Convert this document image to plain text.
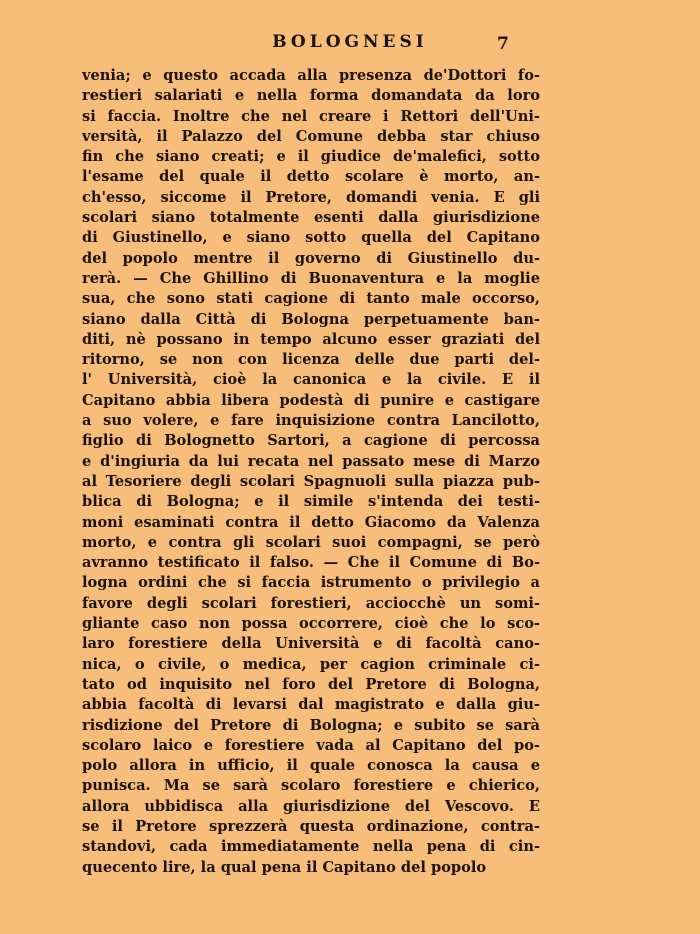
BOLOGNESI	7
venia; e questo accada alla presenza de'Dottori fo-
restieri salariati e nella forma domandata da loro
si faccia. Inoltre che nel creare i Rettori dell'Uni-
versità, il Palazzo del Comune debba star chiuso
fin che siano creati; e il giudice de'malefici, sotto
l'esame del quale il detto scolare è morto, an-
ch'esso, siccome il Pretore, domandi venia. E gli
scolari siano totalmente esenti dalla giurisdizione
di Giustinello, e siano sotto quella del Capitano
del popolo mentre il governo di Giustinello du-
rerà. — Che Ghillino di Buonaventura e la moglie
sua, che sono stati cagione di tanto male occorso,
siano dalla Città di Bologna perpetuamente ban-
diti, nè possano in tempo alcuno esser graziati del
ritorno, se non con licenza delle due parti del-
l' Università, cioè la canonica e la civile. E il
Capitano abbia libera podestà di punire e castigare
a suo volere, e fare inquisizione contra Lancilotto,
figlio di Bolognetto Sartori, a cagione di percossa
e d'ingiuria da lui recata nel passato mese di Marzo
al Tesoriere degli scolari Spagnuoli sulla piazza pub-
blica di Bologna; e il simile s'intenda dei testi-
moni esaminati contra il detto Giacomo da Valenza
morto, e contra gli scolari suoi compagni, se però
avranno testificato il falso. — Che il Comune di Bo-
logna ordini che si faccia istrumento o privilegio a
favore degli scolari forestieri, acciocchè un somi-
gliante caso non possa occorrere, cioè che lo sco-
laro forestiere della Università e di facoltà cano-
nica, o civile, o medica, per cagion criminale ci-
tato od inquisito nel foro del Pretore di Bologna,
abbia facoltà di levarsi dal magistrato e dalla giu-
risdizione del Pretore di Bologna; e subito se sarà
scolaro laico e forestiere vada al Capitano del po-
polo allora in ufficio, il quale conosca la causa e
punisca. Ma se sarà scolaro forestiere e chierico,
allora ubbidisca alla giurisdizione del Vescovo. E
se il Pretore sprezzerà questa ordinazione, contra-
standovi, cada immediatamente nella pena di cin-
quecento lire, la qual pena il Capitano del popolo
